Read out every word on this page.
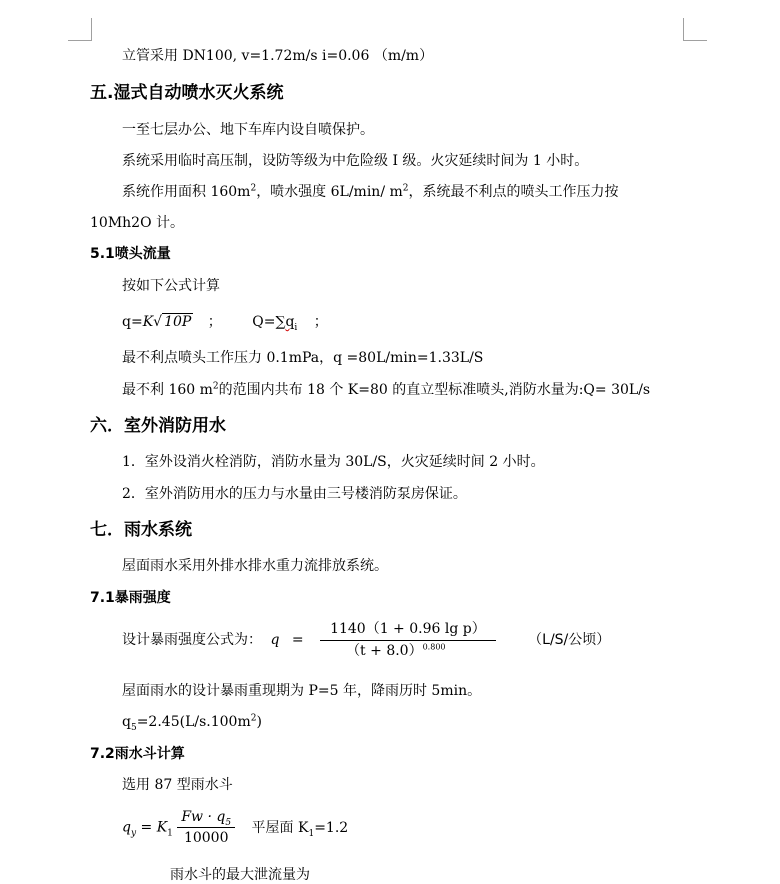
立管采用 DN100, v=1.72m/s i=0.06 （m/m）
五.湿式自动喷水灭火系统
一至七层办公、地下车库内设自喷保护。
系统采用临时高压制，设防等级为中危险级 I 级。火灾延续时间为 1 小时。
系统作用面积 $160m^2$，喷水强度 6L/min/ $m^2$，系统最不利点的喷头工作压力按
10Mh2O 计。
5.1喷头流量
按如下公式计算
q=K√ 10P ； $Q=\sum q_i$ ；
最不利点喷头工作压力 0.1mPa，q =80L/min=1.33L/S
最不利 160 $m^2$的范围内共布 18 个 K=80 的直立型标准喷头,消防水量为:Q= 30L/s
六．室外消防用水
1．室外设消火栓消防，消防水量为 30L/S，火灾延续时间 2 小时。
2．室外消防用水的压力与水量由三号楼消防泵房保证。
七．雨水系统
屋面雨水采用外排水排水重力流排放系统。
7.1暴雨强度
设计暴雨强度公式为： $q = \frac{\text{1140（1 + 0.96 lg p）}}{(t + 8.0)^{0.800}} (L/S/$公顷）
屋面雨水的设计暴雨重现期为 P=5 年，降雨历时 5min。
$q_5=2.45(L/s.100m^2)$
7.2雨水斗计算
选用 87 型雨水斗
$q_y = K_1 \frac{Fw \cdot q_5}{10000}$ 平屋面 $K_1=1.2$
雨水斗的最大泄流量为
